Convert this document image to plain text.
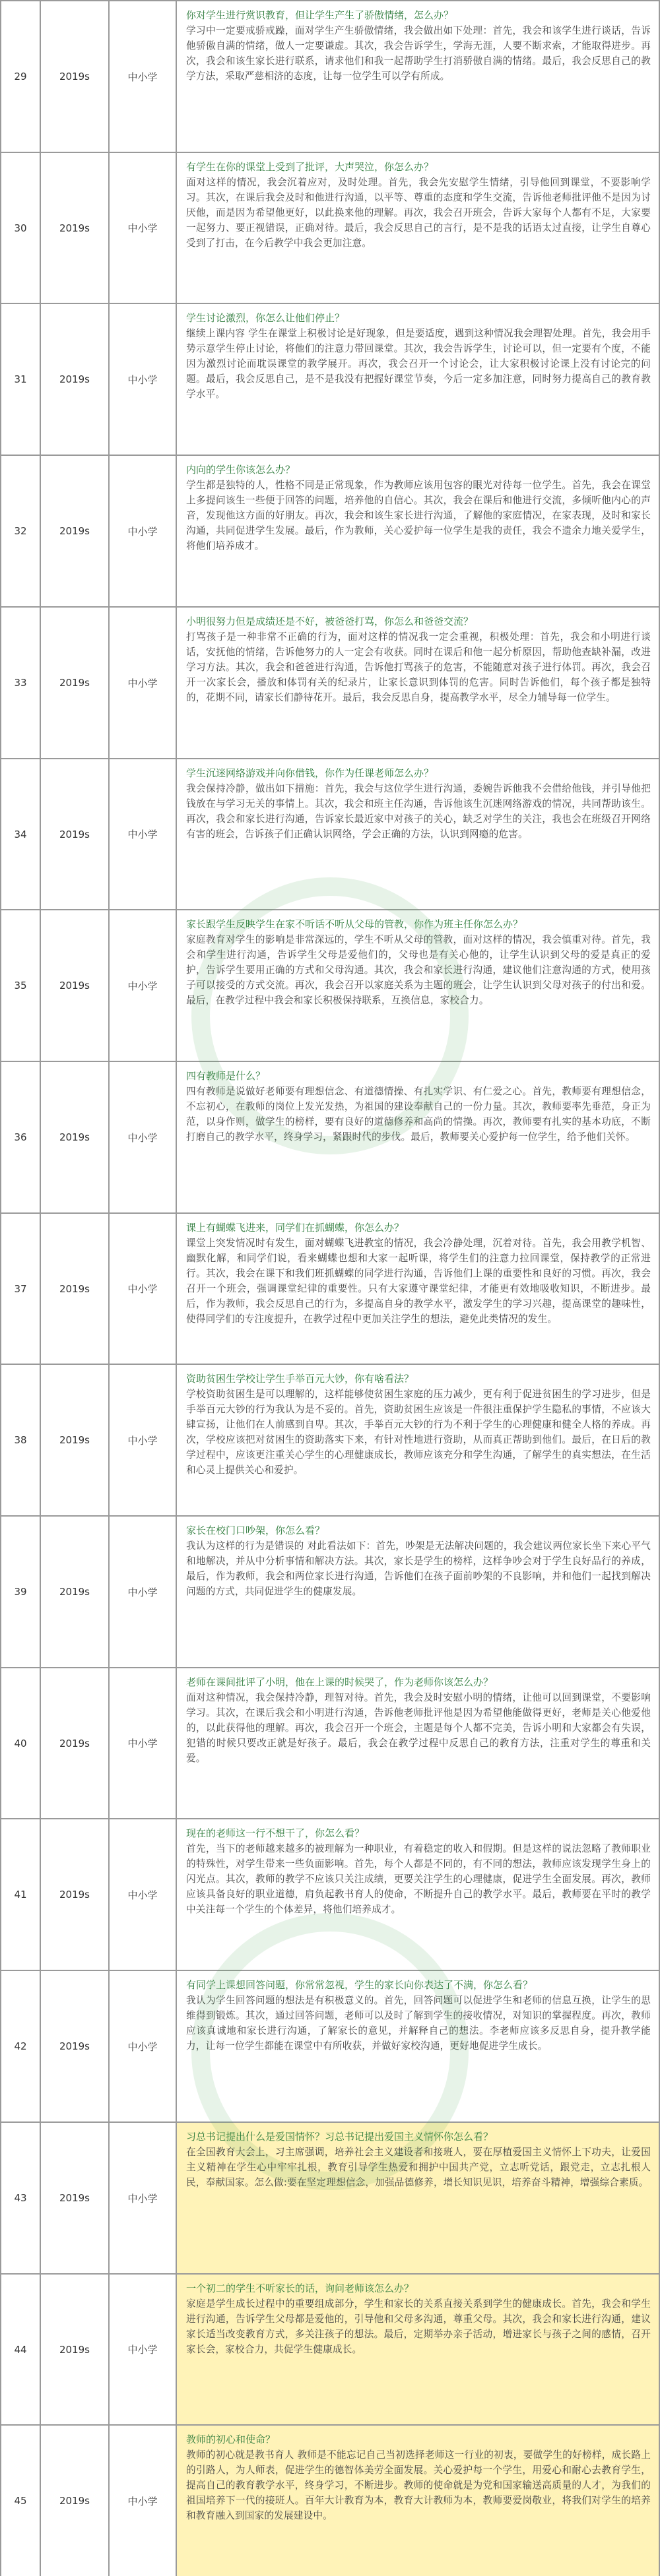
29	2019s	中小学
你对学生进行赏识教育，但让学生产生了骄傲情绪，怎么办？
学习中一定要戒骄戒躁，面对学生产生骄傲情绪，我会做出如下处理：首先，我会和该学生进行谈话，告诉他骄傲自满的情绪，做人一定要谦虚。其次，我会告诉学生，学海无涯，人要不断求索，才能取得进步。再次，我会和该生家长进行联系，请求他们和我一起帮助学生打消骄傲自满的情绪。最后，我会反思自己的教学方法，采取严慈相济的态度，让每一位学生可以学有所成。
30	2019s	中小学
有学生在你的课堂上受到了批评，大声哭泣，你怎么办？
面对这样的情况，我会沉着应对，及时处理。首先，我会先安慰学生情绪，引导他回到课堂，不要影响学习。其次，在课后我会及时和他进行沟通，以平等、尊重的态度和学生交流，告诉他老师批评他不是因为讨厌他，而是因为希望他更好，以此换来他的理解。再次，我会召开班会，告诉大家每个人都有不足，大家要一起努力、要正视错误，正确对待。最后，我会反思自己的言行，是不是我的话语太过直接，让学生自尊心受到了打击，在今后教学中我会更加注意。
31	2019s	中小学
学生讨论激烈，你怎么让他们停止？
继续上课内容 学生在课堂上积极讨论是好现象，但是要适度，遇到这种情况我会理智处理。首先，我会用手势示意学生停止讨论，将他们的注意力带回课堂。其次，我会告诉学生，讨论可以，但一定要有个度，不能因为激烈讨论而耽误课堂的教学展开。再次，我会召开一个讨论会，让大家积极讨论课上没有讨论完的问题。最后，我会反思自己，是不是我没有把握好课堂节奏，今后一定多加注意，同时努力提高自己的教育教学水平。
32	2019s	中小学
内向的学生你该怎么办？
学生都是独特的人，性格不同是正常现象，作为教师应该用包容的眼光对待每一位学生。首先，我会在课堂上多提问该生一些便于回答的问题，培养他的自信心。其次，我会在课后和他进行交流，多倾听他内心的声音，发现他这方面的好朋友。再次，我会和该生家长进行沟通，了解他的家庭情况，在家表现，及时和家长沟通，共同促进学生发展。最后，作为教师，关心爱护每一位学生是我的责任，我会不遗余力地关爱学生，将他们培养成才。
33	2019s	中小学
小明很努力但是成绩还是不好，被爸爸打骂，你怎么和爸爸交流？
打骂孩子是一种非常不正确的行为，面对这样的情况我一定会重视，积极处理：首先，我会和小明进行谈话，安抚他的情绪，告诉他努力的人一定会有收获。同时在课后和他一起分析原因，帮助他查缺补漏，改进学习方法。其次，我会和爸爸进行沟通，告诉他打骂孩子的危害，不能随意对孩子进行体罚。再次，我会召开一次家长会，播放和体罚有关的纪录片，让家长意识到体罚的危害。同时告诉他们，每个孩子都是独特的，花期不同，请家长们静待花开。最后，我会反思自身，提高教学水平，尽全力辅导每一位学生。
34	2019s	中小学
学生沉迷网络游戏并向你借钱，你作为任课老师怎么办？
我会保持冷静，做出如下措施：首先，我会与这位学生进行沟通，委婉告诉他我不会借给他钱，并引导他把钱放在与学习无关的事情上。其次，我会和班主任沟通，告诉他该生沉迷网络游戏的情况，共同帮助该生。再次，我会和家长进行沟通，告诉家长最近家中对孩子的关心，缺乏对学生的关注，我也会在班级召开网络有害的班会，告诉孩子们正确认识网络，学会正确的方法，认识到网瘾的危害。
35	2019s	中小学
家长跟学生反映学生在家不听话不听从父母的管教，你作为班主任你怎么办？
家庭教育对学生的影响是非常深远的，学生不听从父母的管教，面对这样的情况，我会慎重对待。首先，我会和学生进行沟通，告诉学生父母是爱他们的，父母也是有关心他的，让学生认识到父母的爱是真正的爱护，告诉学生要用正确的方式和父母沟通。其次，我会和家长进行沟通，建议他们注意沟通的方式，使用孩子可以接受的方式交流。再次，我会召开以家庭关系为主题的班会，让学生认识到父母对孩子的付出和爱。最后，在教学过程中我会和家长积极保持联系，互换信息，家校合力。
36	2019s	中小学
四有教师是什么？
四有教师是说做好老师要有理想信念、有道德情操、有扎实学识、有仁爱之心。首先，教师要有理想信念，不忘初心，在教师的岗位上发光发热，为祖国的建设奉献自己的一份力量。其次，教师要率先垂范，身正为范，以身作则，做学生的榜样，要有良好的道德修养和高尚的情操。再次，教师要有扎实的基本功底，不断打磨自己的教学水平，终身学习，紧跟时代的步伐。最后，教师要关心爱护每一位学生，给予他们关怀。
37	2019s	中小学
课上有蝴蝶飞进来，同学们在抓蝴蝶，你怎么办？
课堂上突发情况时有发生，面对蝴蝶飞进教室的情况，我会冷静处理，沉着对待。首先，我会用教学机智、幽默化解，和同学们说，看来蝴蝶也想和大家一起听课，将学生们的注意力拉回课堂，保持教学的正常进行。其次，我会在课下和我们班抓蝴蝶的同学进行沟通，告诉他们上课的重要性和良好的习惯。再次，我会召开一个班会，强调课堂纪律的重要性。只有大家遵守课堂纪律，才能更有效地吸收知识，不断进步。最后，作为教师，我会反思自己的行为，多提高自身的教学水平，激发学生的学习兴趣，提高课堂的趣味性，使得同学们的专注度提升，在教学过程中更加关注学生的想法，避免此类情况的发生。
38	2019s	中小学
资助贫困生学校让学生手举百元大钞，你有啥看法？
学校资助贫困生是可以理解的，这样能够使贫困生家庭的压力减少，更有利于促进贫困生的学习进步，但是手举百元大钞的行为我认为是不妥的。首先，资助贫困生应该是一件很注重保护学生隐私的事情，不应该大肆宣扬，让他们在人前感到自卑。其次，手举百元大钞的行为不利于学生的心理健康和健全人格的养成。再次，学校应该把对贫困生的资助落实下来，有针对性地进行资助，从而真正帮助到他们。最后，在日后的教学过程中，应该更注重关心学生的心理健康成长，教师应该充分和学生沟通，了解学生的真实想法，在生活和心灵上提供关心和爱护。
39	2019s	中小学
家长在校门口吵架，你怎么看？
我认为这样的行为是错误的 对此看法如下：首先，吵架是无法解决问题的，我会建议两位家长坐下来心平气和地解决，并从中分析事情和解决方法。其次，家长是学生的榜样，这样争吵会对于学生良好品行的养成，最后，作为教师，我会和两位家长进行沟通，告诉他们在孩子面前吵架的不良影响，并和他们一起找到解决问题的方式，共同促进学生的健康发展。
40	2019s	中小学
老师在课间批评了小明，他在上课的时候哭了，作为老师你该怎么办？
面对这种情况，我会保持冷静，理智对待。首先，我会及时安慰小明的情绪，让他可以回到课堂，不要影响学习。其次，在课后我会和小明进行沟通，告诉他老师批评他是因为希望他能做得更好，老师是关心他爱他的，以此获得他的理解。再次，我会召开一个班会，主题是每个人都不完美，告诉小明和大家都会有失误，犯错的时候只要改正就是好孩子。最后，我会在教学过程中反思自己的教育方法，注重对学生的尊重和关爱。
41	2019s	中小学
现在的老师这一行不想干了，你怎么看？
首先，当下的老师越来越多的被理解为一种职业，有着稳定的收入和假期。但是这样的说法忽略了教师职业的特殊性，对学生带来一些负面影响。首先，每个人都是不同的，有不同的想法，教师应该发现学生身上的闪光点。其次，教师的教学不应该只关注成绩，更要关注学生的心理健康，促进学生全面发展。再次，教师应该具备良好的职业道德，肩负起教书育人的使命，不断提升自己的教学水平。最后，教师要在平时的教学中关注每一个学生的个体差异，将他们培养成才。
42	2019s	中小学
有同学上课想回答问题，你常常忽视，学生的家长向你表达了不满，你怎么看？
我认为学生回答问题的想法是有积极意义的。首先，回答问题可以促进学生和老师的信息互换，让学生的思维得到锻炼。其次，通过回答问题，老师可以及时了解到学生的接收情况，对知识的掌握程度。再次，教师应该真诚地和家长进行沟通，了解家长的意见，并解释自己的想法。李老师应该多反思自身，提升教学能力，让每一位学生都能在课堂中有所收获，并做好家校沟通，更好地促进学生成长。
43	2019s	中小学
习总书记提出什么是爱国情怀？习总书记提出爱国主义情怀你怎么看？
在全国教育大会上，习主席强调，培养社会主义建设者和接班人，要在厚植爱国主义情怀上下功夫，让爱国主义精神在学生心中牢牢扎根，教育引导学生热爱和拥护中国共产党，立志听党话，跟党走，立志扎根人民，奉献国家。怎么做:要在坚定理想信念，加强品德修养，增长知识见识，培养奋斗精神，增强综合素质。
44	2019s	中小学
一个初二的学生不听家长的话，询问老师该怎么办？
家庭是学生成长过程中的重要组成部分，学生和家长的关系直接关系到学生的健康成长。首先，我会和学生进行沟通，告诉学生父母都是爱他的，引导他和父母多沟通，尊重父母。其次，我会和家长进行沟通，建议家长适当改变教育方式，多关注孩子的想法。最后，定期举办亲子活动，增进家长与孩子之间的感情，召开家长会，家校合力，共促学生健康成长。
45	2019s	中小学
教师的初心和使命？
教师的初心就是教书育人 教师是不能忘记自己当初选择老师这一行业的初衷，要做学生的好榜样，成长路上的引路人，为人师表，促进学生的德智体美劳全面发展。关心爱护每一个学生，用爱心和耐心去教育学生，提高自己的教育教学水平，终身学习，不断进步。教师的使命就是为党和国家输送高质量的人才，为我们的祖国培养下一代的接班人。百年大计教育为本，教育大计教师为本，教师要爱岗敬业，将我们对学生的培养和教育融入到国家的发展建设中。
